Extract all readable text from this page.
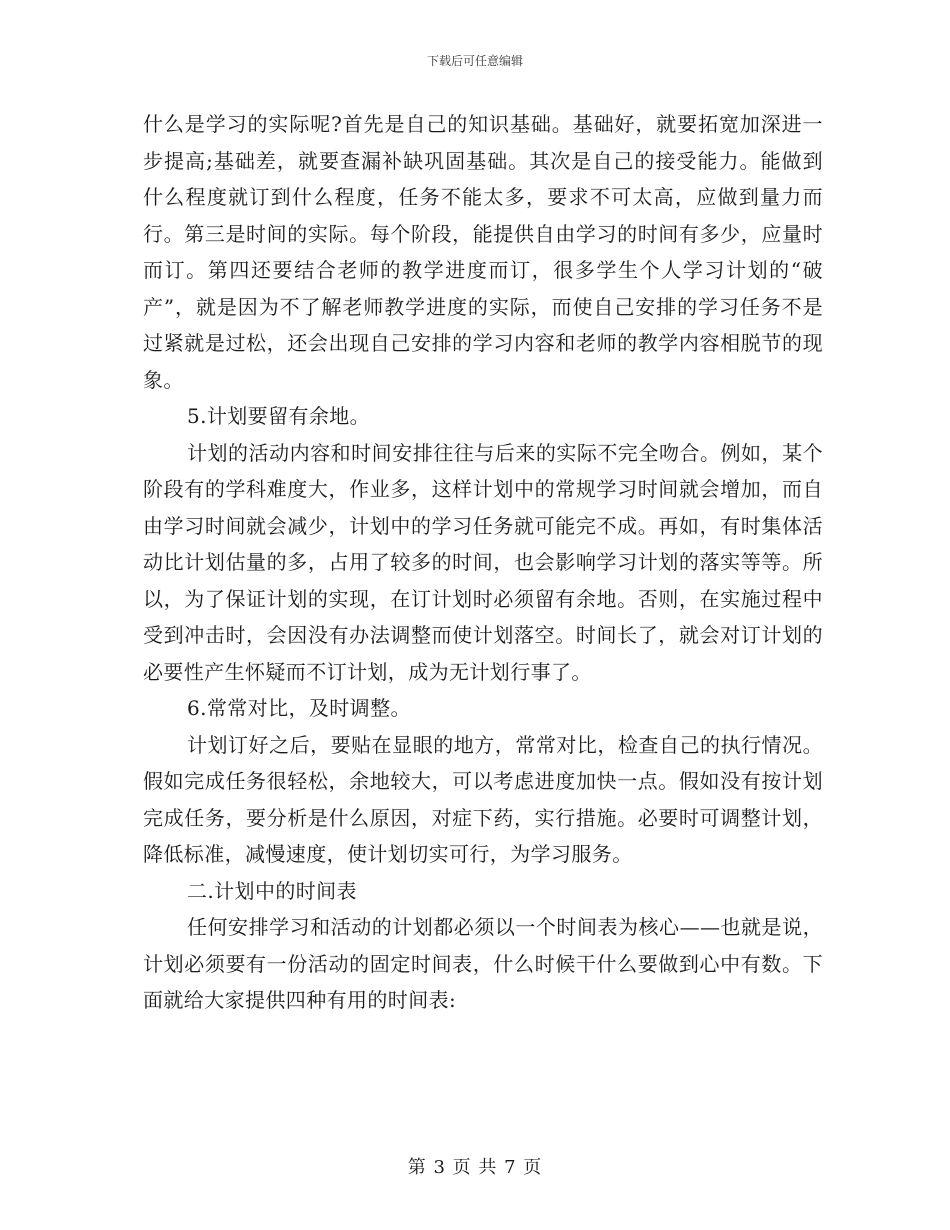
下载后可任意编辑

什么是学习的实际呢?首先是自己的知识基础。基础好，就要拓宽加深进一步提高;基础差，就要查漏补缺巩固基础。其次是自己的接受能力。能做到什么程度就订到什么程度，任务不能太多，要求不可太高，应做到量力而行。第三是时间的实际。每个阶段，能提供自由学习的时间有多少，应量时而订。第四还要结合老师的教学进度而订，很多学生个人学习计划的“破产”，就是因为不了解老师教学进度的实际，而使自己安排的学习任务不是过紧就是过松，还会出现自己安排的学习内容和老师的教学内容相脱节的现象。

5.计划要留有余地。

计划的活动内容和时间安排往往与后来的实际不完全吻合。例如，某个阶段有的学科难度大，作业多，这样计划中的常规学习时间就会增加，而自由学习时间就会减少，计划中的学习任务就可能完不成。再如，有时集体活动比计划估量的多，占用了较多的时间，也会影响学习计划的落实等等。所以，为了保证计划的实现，在订计划时必须留有余地。否则，在实施过程中受到冲击时，会因没有办法调整而使计划落空。时间长了，就会对订计划的必要性产生怀疑而不订计划，成为无计划行事了。

6.常常对比，及时调整。

计划订好之后，要贴在显眼的地方，常常对比，检查自己的执行情况。假如完成任务很轻松，余地较大，可以考虑进度加快一点。假如没有按计划完成任务，要分析是什么原因，对症下药，实行措施。必要时可调整计划，降低标准，减慢速度，使计划切实可行，为学习服务。

二.计划中的时间表

任何安排学习和活动的计划都必须以一个时间表为核心——也就是说，计划必须要有一份活动的固定时间表，什么时候干什么要做到心中有数。下面就给大家提供四种有用的时间表:

第 3 页 共 7 页
